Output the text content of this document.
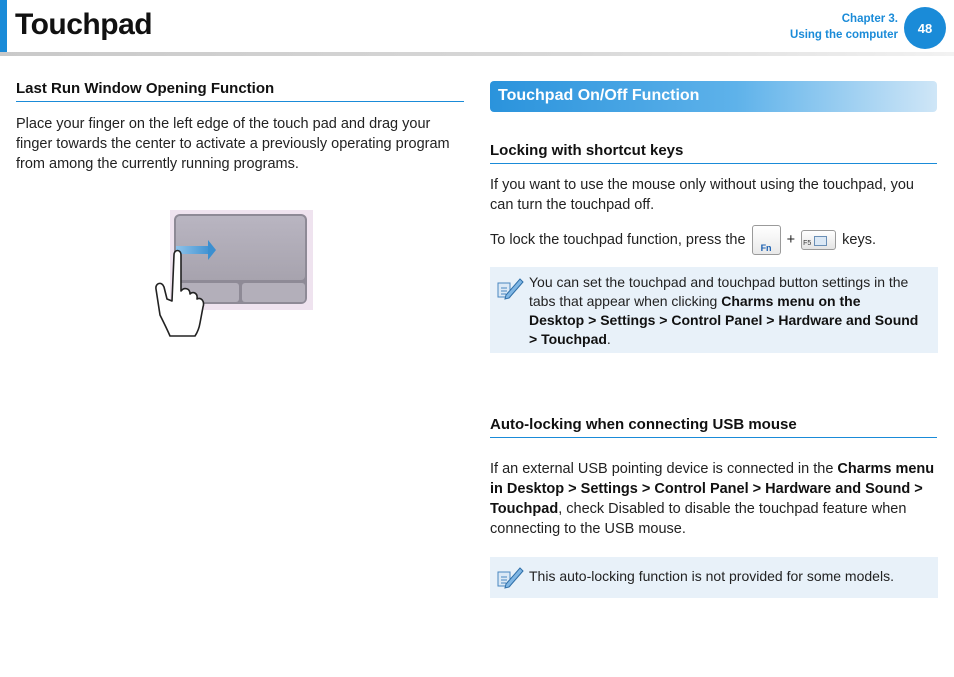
Touchpad	Chapter 3.
Using the computer	48
Last Run Window Opening Function
Place your finger on the left edge of the touch pad and drag your finger towards the center to activate a previously operating program from among the currently running programs.
Touchpad On/Off Function
Locking with shortcut keys
If you want to use the mouse only without using the touchpad, you can turn the touchpad off.
To lock the touchpad function, press the
Fn
+ F5 keys.
You can set the touchpad and touchpad button settings in the tabs that appear when clicking Charms menu on the Desktop > Settings > Control Panel > Hardware and Sound > Touchpad.
Auto-locking when connecting USB mouse
If an external USB pointing device is connected in the Charms menu in Desktop > Settings > Control Panel > Hardware and Sound > Touchpad, check Disabled to disable the touchpad feature when connecting to the USB mouse.
This auto-locking function is not provided for some models.
